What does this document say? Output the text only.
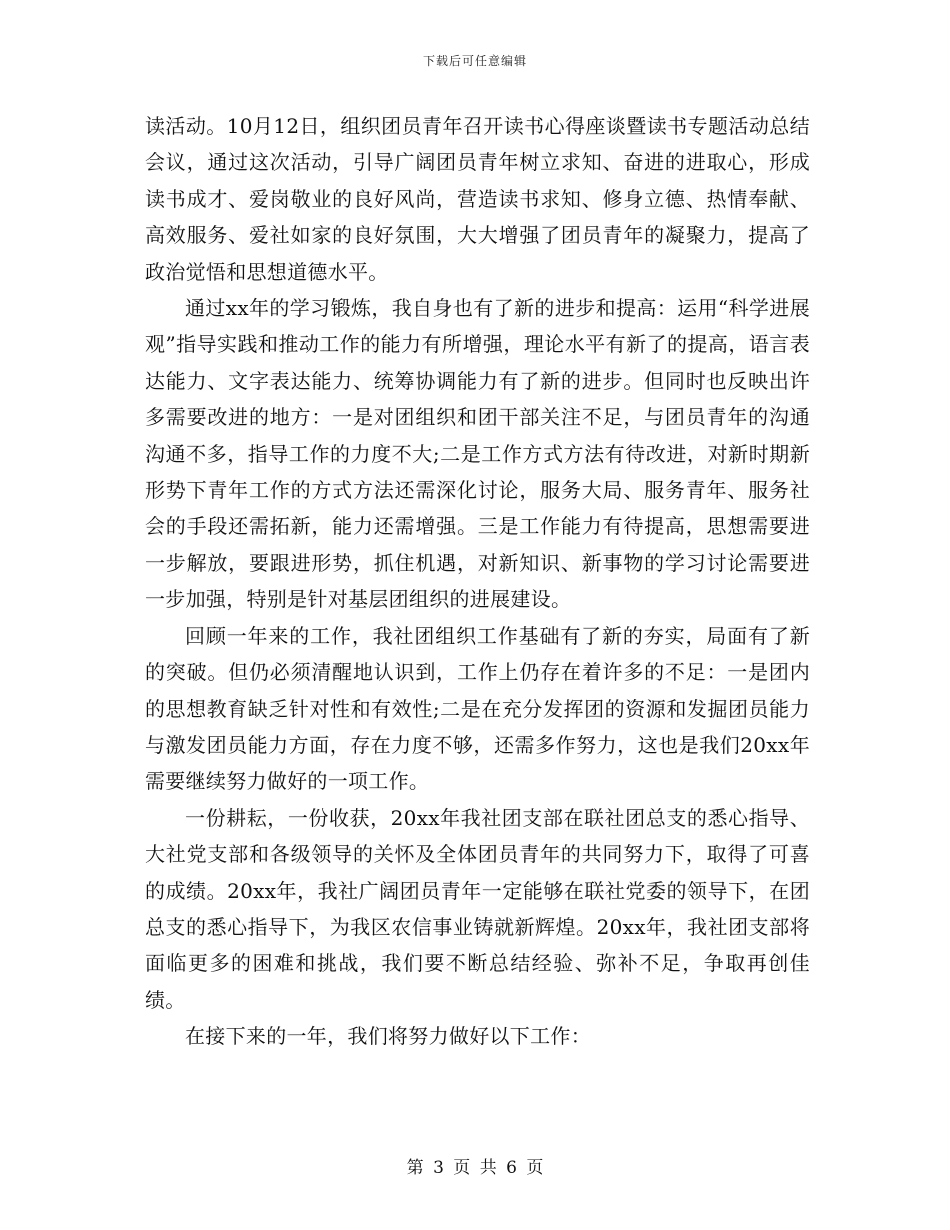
下载后可任意编辑

读活动。10月12日，组织团员青年召开读书心得座谈暨读书专题活动总结会议，通过这次活动，引导广阔团员青年树立求知、奋进的进取心，形成读书成才、爱岗敬业的良好风尚，营造读书求知、修身立德、热情奉献、高效服务、爱社如家的良好氛围，大大增强了团员青年的凝聚力，提高了政治觉悟和思想道德水平。

通过xx年的学习锻炼，我自身也有了新的进步和提高：运用“科学进展观”指导实践和推动工作的能力有所增强，理论水平有新了的提高，语言表达能力、文字表达能力、统筹协调能力有了新的进步。但同时也反映出许多需要改进的地方：一是对团组织和团干部关注不足，与团员青年的沟通沟通不多，指导工作的力度不大;二是工作方式方法有待改进，对新时期新形势下青年工作的方式方法还需深化讨论，服务大局、服务青年、服务社会的手段还需拓新，能力还需增强。三是工作能力有待提高，思想需要进一步解放，要跟进形势，抓住机遇，对新知识、新事物的学习讨论需要进一步加强，特别是针对基层团组织的进展建设。

回顾一年来的工作，我社团组织工作基础有了新的夯实，局面有了新的突破。但仍必须清醒地认识到，工作上仍存在着许多的不足：一是团内的思想教育缺乏针对性和有效性;二是在充分发挥团的资源和发掘团员能力与激发团员能力方面，存在力度不够，还需多作努力，这也是我们20xx年需要继续努力做好的一项工作。

一份耕耘，一份收获，20xx年我社团支部在联社团总支的悉心指导、大社党支部和各级领导的关怀及全体团员青年的共同努力下，取得了可喜的成绩。20xx年，我社广阔团员青年一定能够在联社党委的领导下，在团总支的悉心指导下，为我区农信事业铸就新辉煌。20xx年，我社团支部将面临更多的困难和挑战，我们要不断总结经验、弥补不足，争取再创佳绩。

在接下来的一年，我们将努力做好以下工作：

第 3 页 共 6 页
